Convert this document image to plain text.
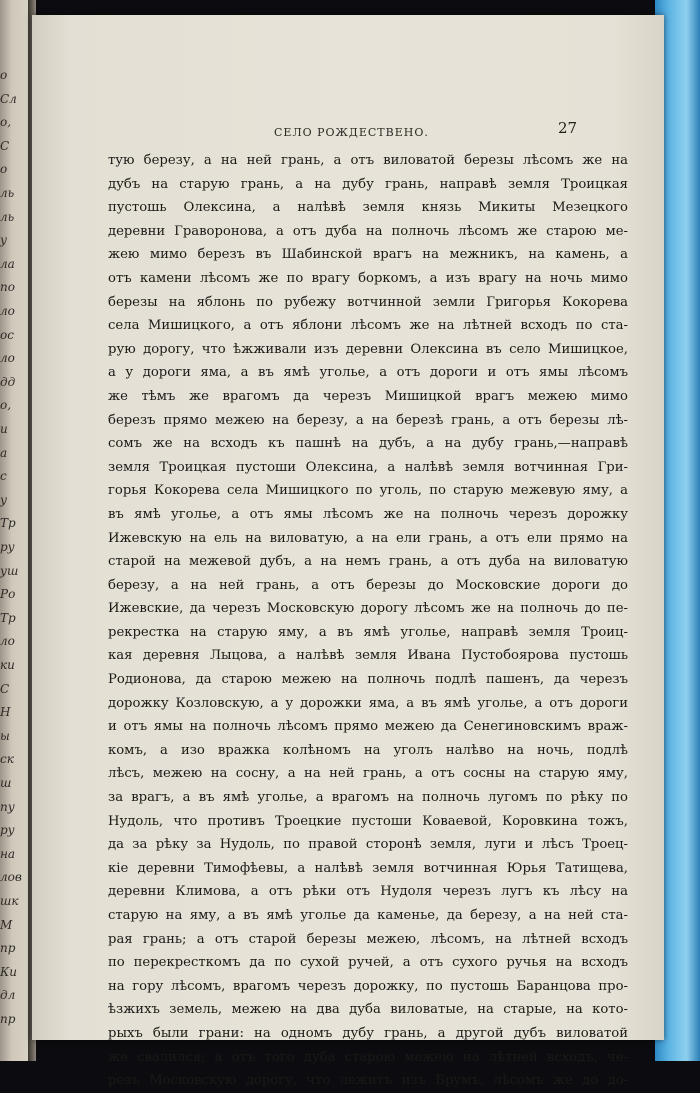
о
Сл
о,
С
о
ль
ль
у
ла
по
ло
ос
ло
дд
о,
и
а
с
у
Тр
ру
уш
Ро
Тр
ло
ки
С
Н
ы
ск
ш
пу
ру
на
лов
шк
М
пр
Ки
дл
пр
СЕЛО РОЖДЕСТВЕНО.	27
тую березу, а на ней грань, а отъ виловатой березы лѣсомъ же на
дубъ на старую грань, а на дубу грань, направѣ земля Троицкая
пустошь Олексина, а налѣвѣ земля князь Микиты Мезецкого
деревни Граворонова, а отъ дуба на полночь лѣсомъ же старою ме-
жею мимо березъ въ Шабинской врагъ на межникъ, на камень, а
отъ камени лѣсомъ же по врагу боркомъ, а изъ врагу на ночь мимо
березы на яблонь по рубежу вотчинной земли Григорья Кокорева
села Мишицкого, а отъ яблони лѣсомъ же на лѣтней всходъ по ста-
рую дорогу, что ѣжживали изъ деревни Олексина въ село Мишицкое,
а у дороги яма, а въ ямѣ уголье, а отъ дороги и отъ ямы лѣсомъ
же тѣмъ же врагомъ да черезъ Мишицкой врагъ межею мимо
березъ прямо межею на березу, а на березѣ грань, а отъ березы лѣ-
сомъ же на всходъ къ пашнѣ на дубъ, а на дубу грань,—направѣ
земля Троицкая пустоши Олексина, а налѣвѣ земля вотчинная Гри-
горья Кокорева села Мишицкого по уголь, по старую межевую яму, а
въ ямѣ уголье, а отъ ямы лѣсомъ же на полночь черезъ дорожку
Ижевскую на ель на виловатую, а на ели грань, а отъ ели прямо на
старой на межевой дубъ, а на немъ грань, а отъ дуба на виловатую
березу, а на ней грань, а отъ березы до Московские дороги до
Ижевские, да черезъ Московскую дорогу лѣсомъ же на полночь до пе-
рекрестка на старую яму, а въ ямѣ уголье, направѣ земля Троиц-
кая деревня Лыцова, а налѣвѣ земля Ивана Пустобоярова пустошь
Родионова, да старою межею на полночь подлѣ пашенъ, да черезъ
дорожку Козловскую, а у дорожки яма, а въ ямѣ уголье, а отъ дороги
и отъ ямы на полночь лѣсомъ прямо межею да Сенегиновскимъ врaж-
комъ, а изо вражка колѣномъ на уголъ налѣво на ночь, подлѣ
лѣсъ, межею на сосну, а на ней грань, а отъ сосны на старую яму,
за врагъ, а въ ямѣ уголье, а врагомъ на полночь лугомъ по рѣку по
Нудоль, что противъ Троецкие пустоши Коваевой, Коровкина тожъ,
да за рѣку за Нудоль, по правой сторонѣ земля, луги и лѣсъ Троец-
кіе деревни Тимофѣевы, а налѣвѣ земля вотчинная Юрья Татищева,
деревни Климова, а отъ рѣки отъ Нудоля черезъ лугъ къ лѣсу на
старую на яму, а въ ямѣ уголье да каменье, да березу, а на ней ста-
рая грань; а отъ старой березы межею, лѣсомъ, на лѣтней всходъ
по перекресткомъ да по сухой ручей, а отъ сухого ручья на всходъ
на гору лѣсомъ, врагомъ черезъ дорожку, по пустошь Баранцова про-
ѣзжихъ земель, межею на два дуба виловатые, на старые, на кото-
рыхъ были грани: на одномъ дубу грань, а другой дубъ виловатой
же свалился; а отъ того дуба старою межею на лѣтней всходъ, че-
резъ Московскую дорогу, что лежитъ изъ Брумъ, лѣсомъ же до до-
